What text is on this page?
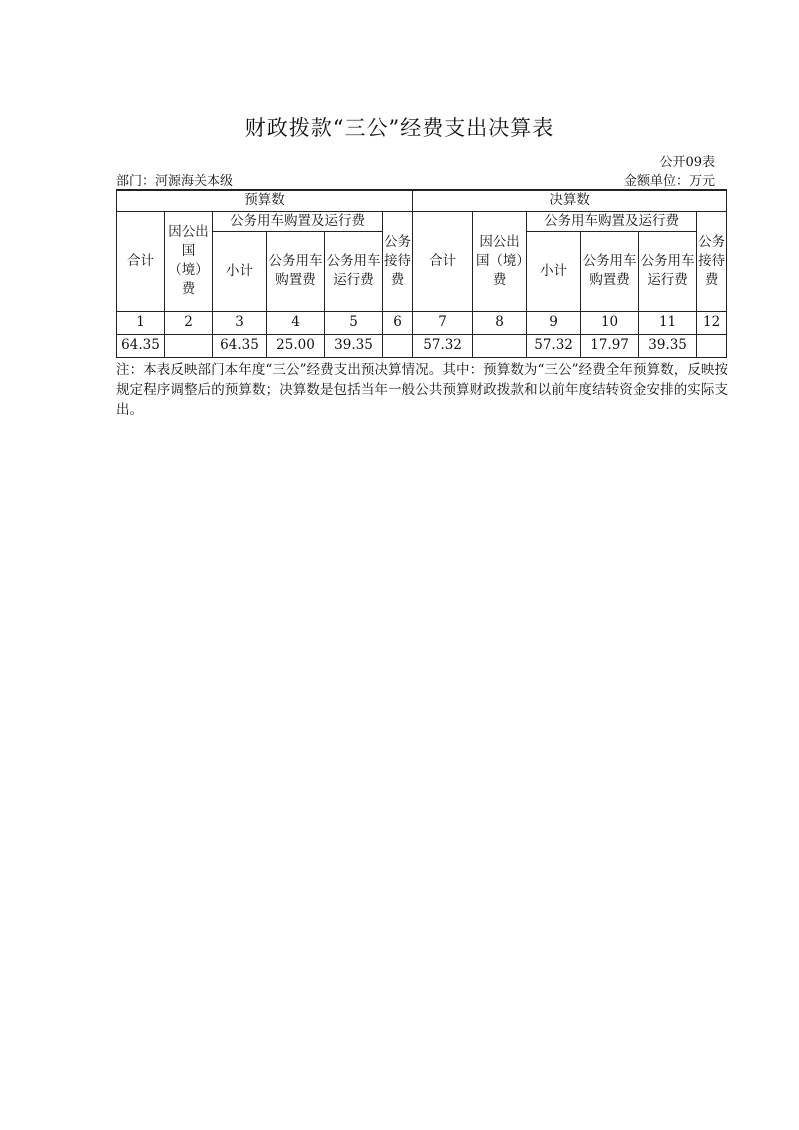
财政拨款“三公”经费支出决算表
公开09表
部门：河源海关本级	金额单位：万元
预算数						决算数					
合计	因公出国（境）费	公务用车购置及运行费			公务接待费	合计	因公出国（境）费	公务用车购置及运行费			公务接待费
		小计	公务用车购置费	公务用车运行费				小计	公务用车购置费	公务用车运行费	
1	2	3	4	5	6	7	8	9	10	11	12
64.35		64.35	25.00	39.35		57.32		57.32	17.97	39.35	
注：本表反映部门本年度“三公”经费支出预决算情况。其中：预算数为“三公”经费全年预算数，反映按规定程序调整后的预算数；决算数是包括当年一般公共预算财政拨款和以前年度结转资金安排的实际支出。
